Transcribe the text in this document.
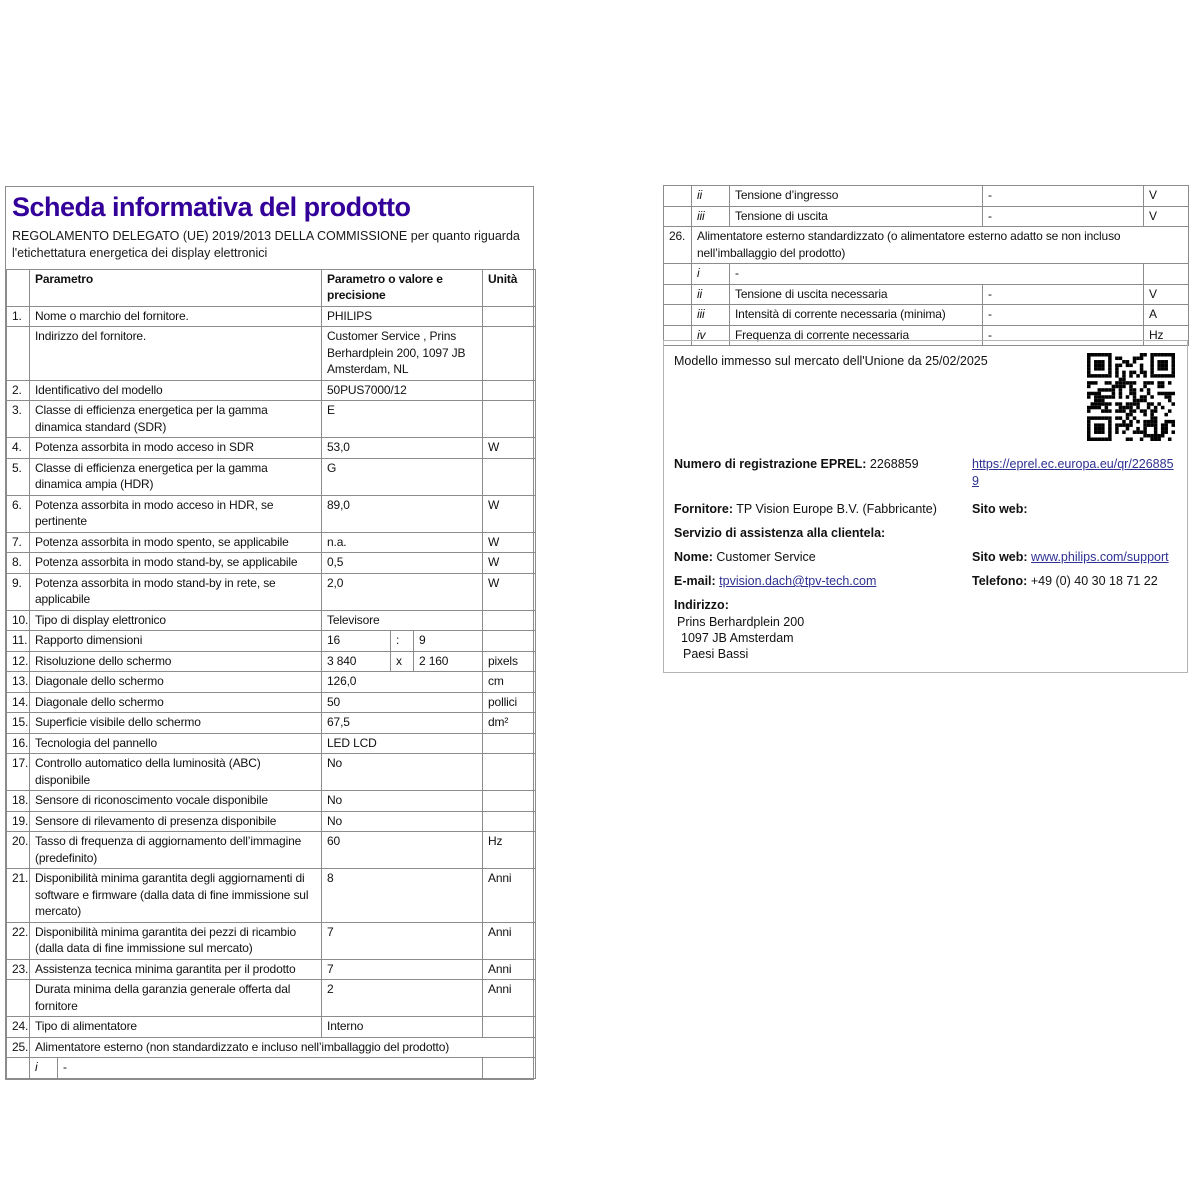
Scheda informativa del prodotto

REGOLAMENTO DELEGATO (UE) 2019/2013 DELLA COMMISSIONE per quanto riguarda l'etichettatura energetica dei display elettronici

	Parametro		Parametro o valore e precisione			Unità
1.	Nome o marchio del fornitore.		PHILIPS			
	Indirizzo del fornitore.		Customer Service , Prins Berhardplein 200, 1097 JB Amsterdam, NL			
2.	Identificativo del modello		50PUS7000/12			
3.	Classe di efficienza energetica per la gamma dinamica standard (SDR)		E			
4.	Potenza assorbita in modo acceso in SDR		53,0			W
5.	Classe di efficienza energetica per la gamma dinamica ampia (HDR)		G			
6.	Potenza assorbita in modo acceso in HDR, se pertinente		89,0			W
7.	Potenza assorbita in modo spento, se applicabile		n.a.			W
8.	Potenza assorbita in modo stand-by, se applicabile		0,5			W
9.	Potenza assorbita in modo stand-by in rete, se applicabile		2,0			W
10.	Tipo di display elettronico		Televisore			
11.	Rapporto dimensioni		16	:	9	
12.	Risoluzione dello schermo		3 840	x	2 160	pixels
13.	Diagonale dello schermo		126,0			cm
14.	Diagonale dello schermo		50			pollici
15.	Superficie visibile dello schermo		67,5			dm²
16.	Tecnologia del pannello		LED LCD			
17.	Controllo automatico della luminosità (ABC) disponibile		No			
18.	Sensore di riconoscimento vocale disponibile		No			
19.	Sensore di rilevamento di presenza disponibile		No			
20.	Tasso di frequenza di aggiornamento dell’immagine (predefinito)		60			Hz
21.	Disponibilità minima garantita degli aggiornamenti di software e firmware (dalla data di fine immissione sul mercato)		8			Anni
22.	Disponibilità minima garantita dei pezzi di ricambio (dalla data di fine immissione sul mercato)		7			Anni
23.	Assistenza tecnica minima garantita per il prodotto		7			Anni
	Durata minima della garanzia generale offerta dal fornitore		2			Anni
24.	Tipo di alimentatore		Interno			
25.	Alimentatore esterno (non standardizzato e incluso nell’imballaggio del prodotto)					
	i	-				
	ii	Tensione d’ingresso	-	V
	iii	Tensione di uscita	-	V
26.	Alimentatore esterno standardizzato (o alimentatore esterno adatto se non incluso nell’imballaggio del prodotto)			
	i	-		
	ii	Tensione di uscita necessaria	-	V
	iii	Intensità di corrente necessaria (minima)	-	A
	iv	Frequenza di corrente necessaria	-	Hz
Modello immesso sul mercato dell'Unione da 25/02/2025
Numero di registrazione EPREL: 2268859	https://eprel.ec.europa.eu/qr/2268859
Fornitore: TP Vision Europe B.V. (Fabbricante)	Sito web:
Servizio di assistenza alla clientela:
Nome: Customer Service	Sito web: www.philips.com/support
E-mail: tpvision.dach@tpv-tech.com	Telefono: +49 (0) 40 30 18 71 22
Indirizzo:
Prins Berhardplein 200
1097 JB Amsterdam
Paesi Bassi
